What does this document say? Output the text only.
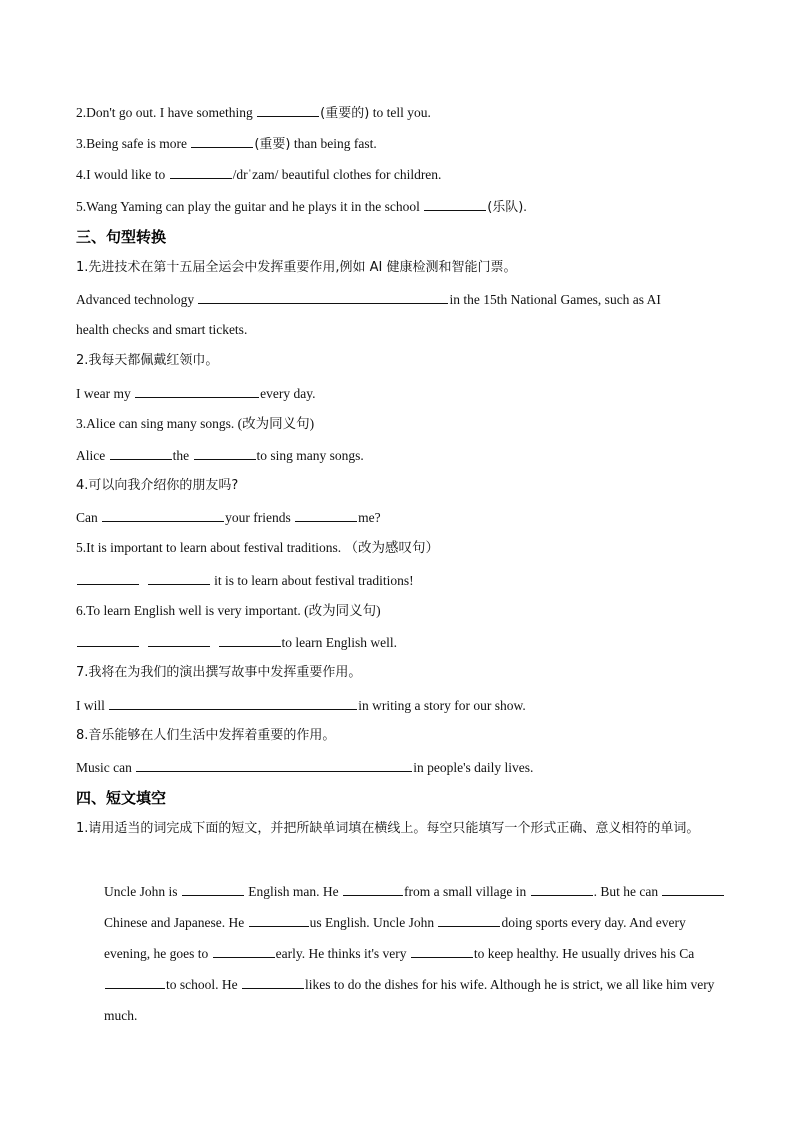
2.Don't go out. I have something	(重要的) to tell you.
3.Being safe is more	(重要) than being fast.
4.I would like to	/drˈzam/ beautiful clothes for children.
5.Wang Yaming can play the guitar and he plays it in the school	(乐队).
三、句型转换
1.先进技术在第十五届全运会中发挥重要作用,例如 AI 健康检测和智能门票。
Advanced technology	in the 15th National Games, such as AI
health checks and smart tickets.
2.我每天都佩戴红领巾。
I wear my	every day.
3.Alice can sing many songs. (改为同义句)
Alice	the	to sing many songs.
4.可以向我介绍你的朋友吗?
Can	your friends	me?
5.It is important to learn about festival traditions. （改为感叹句）
it is to learn about festival traditions!
6.To learn English well is very important. (改为同义句)
to learn English well.
7.我将在为我们的演出撰写故事中发挥重要作用。
I will	in writing a story for our show.
8.音乐能够在人们生活中发挥着重要的作用。
Music can	in people's daily lives.
四、短文填空
1.请用适当的词完成下面的短文，并把所缺单词填在横线上。每空只能填写一个形式正确、意义相符的单词。
Uncle John is	English man. He	from a small village in	. But he can Chinese and Japanese. He	us English. Uncle John	doing sports every day. And every evening, he goes to	early. He thinks it's very	to keep healthy. He usually drives his Ca to school. He	likes to do the dishes for his wife. Although he is strict, we all like him very much.
